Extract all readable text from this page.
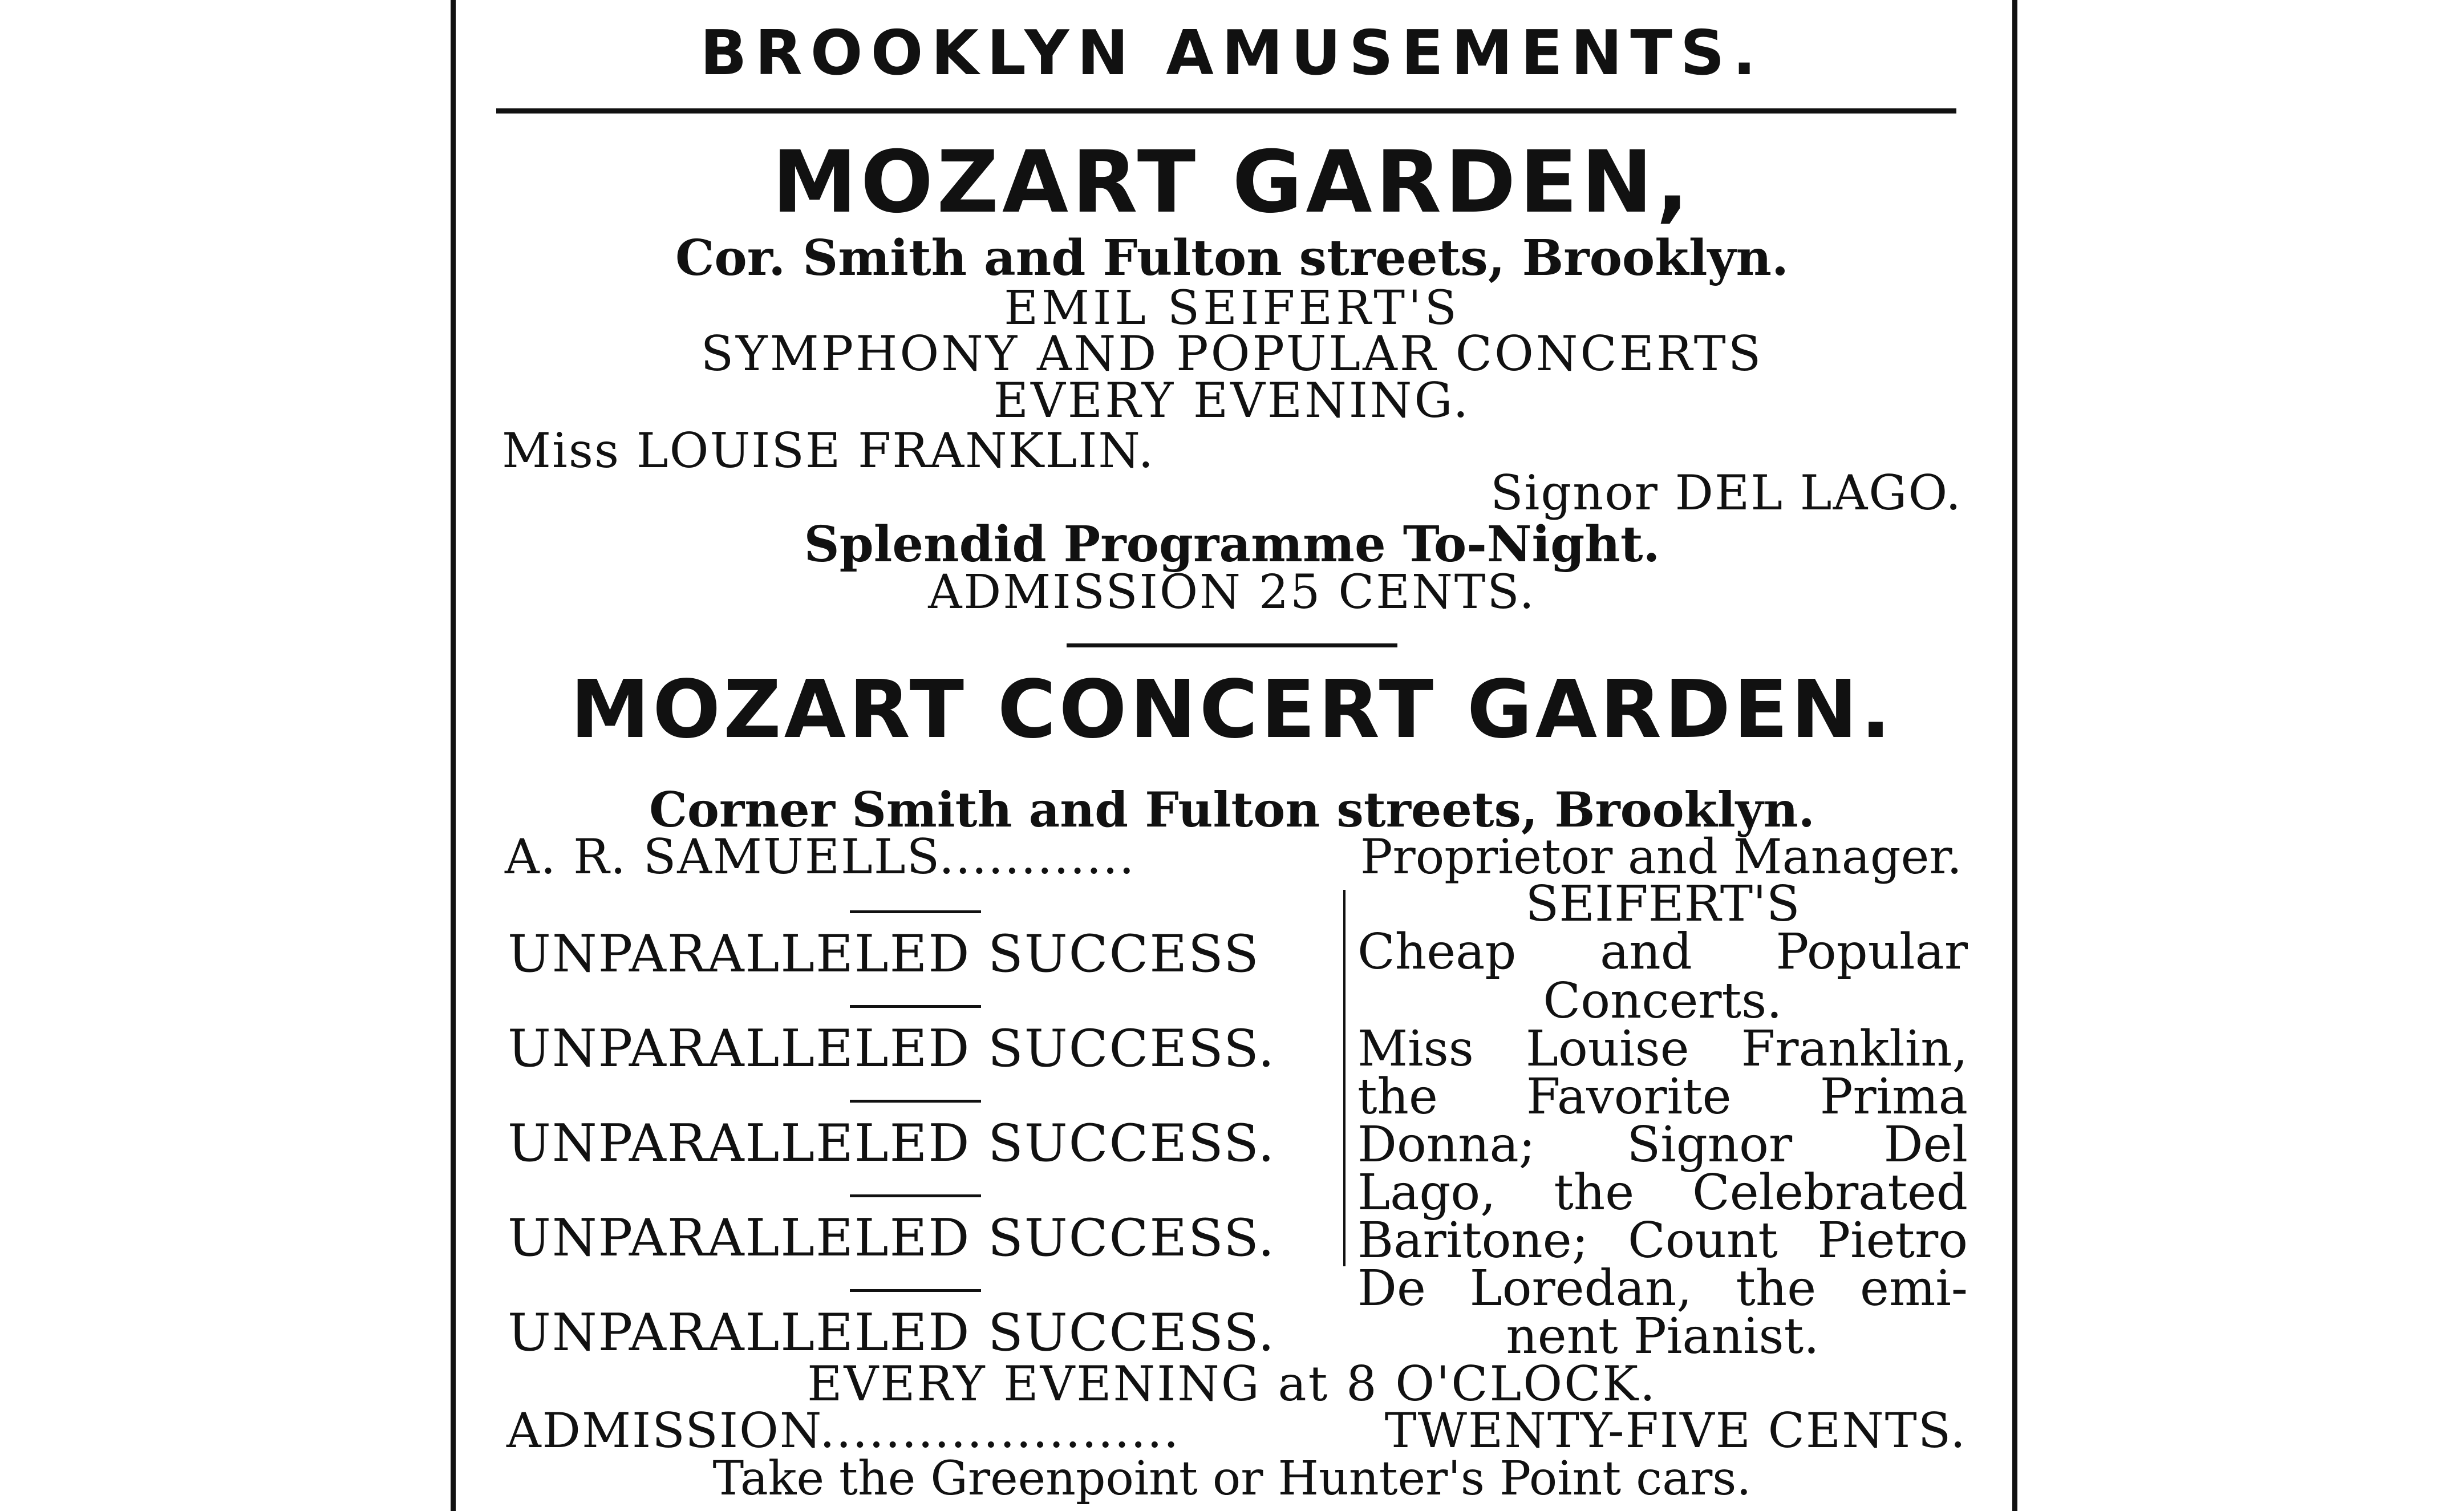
BROOKLYN AMUSEMENTS.

MOZART GARDEN,

Cor. Smith and Fulton streets, Brooklyn.

EMIL SEIFERT'S

SYMPHONY AND POPULAR CONCERTS

EVERY EVENING.

Miss LOUISE FRANKLIN.

Signor DEL LAGO.

Splendid Programme To-Night.

ADMISSION 25 CENTS.

MOZART CONCERT GARDEN.

Corner Smith and Fulton streets, Brooklyn.

A. R. SAMUELLS............	Proprietor and Manager.

UNPARALLELED SUCCESS

UNPARALLELED SUCCESS.

UNPARALLELED SUCCESS.

UNPARALLELED SUCCESS.

UNPARALLELED SUCCESS.

SEIFERT'S

Cheap and Popular

Concerts.

Miss Louise Franklin,

the Favorite Prima

Donna; Signor Del

Lago, the Celebrated

Baritone; Count Pietro

De Loredan, the emi-

nent Pianist.

EVERY EVENING at 8 O'CLOCK.

ADMISSION......................	TWENTY-FIVE CENTS.

Take the Greenpoint or Hunter's Point cars.
